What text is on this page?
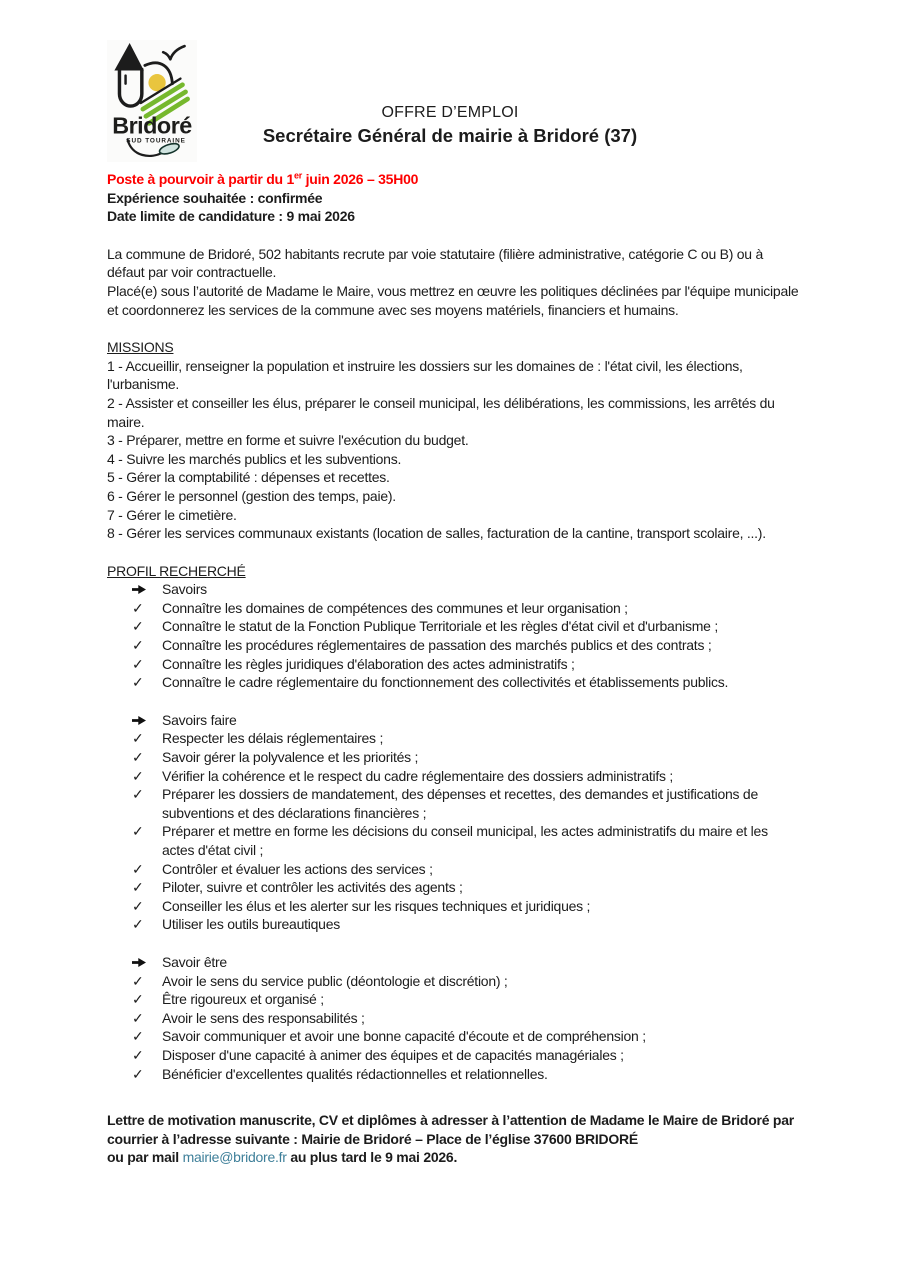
Bridoré
SUD TOURAINE
OFFRE D’EMPLOI
Secrétaire Général de mairie à Bridoré (37)

Poste à pourvoir à partir du 1er juin 2026 – 35H00

Expérience souhaitée : confirmée

Date limite de candidature : 9 mai 2026

La commune de Bridoré, 502 habitants recrute par voie statutaire (filière administrative, catégorie C ou B) ou à défaut par voir contractuelle.

Placé(e) sous l’autorité de Madame le Maire, vous mettrez en œuvre les politiques déclinées par l'équipe municipale et coordonnerez les services de la commune avec ses moyens matériels, financiers et humains.

MISSIONS

1 - Accueillir, renseigner la population et instruire les dossiers sur les domaines de : l'état civil, les élections, l'urbanisme.

2 - Assister et conseiller les élus, préparer le conseil municipal, les délibérations, les commissions, les arrêtés du maire.

3 - Préparer, mettre en forme et suivre l'exécution du budget.

4 - Suivre les marchés publics et les subventions.

5 - Gérer la comptabilité : dépenses et recettes.

6 - Gérer le personnel (gestion des temps, paie).

7 - Gérer le cimetière.

8 - Gérer les services communaux existants (location de salles, facturation de la cantine, transport scolaire, ...).

PROFIL RECHERCHÉ
Savoirs
✓ Connaître les domaines de compétences des communes et leur organisation ;
✓ Connaître le statut de la Fonction Publique Territoriale et les règles d'état civil et d'urbanisme ;
✓ Connaître les procédures réglementaires de passation des marchés publics et des contrats ;
✓ Connaître les règles juridiques d'élaboration des actes administratifs ;
✓ Connaître le cadre réglementaire du fonctionnement des collectivités et établissements publics.
Savoirs faire
✓ Respecter les délais réglementaires ;
✓ Savoir gérer la polyvalence et les priorités ;
✓ Vérifier la cohérence et le respect du cadre réglementaire des dossiers administratifs ;
✓ Préparer les dossiers de mandatement, des dépenses et recettes, des demandes et justifications de subventions et des déclarations financières ;
✓ Préparer et mettre en forme les décisions du conseil municipal, les actes administratifs du maire et les actes d'état civil ;
✓ Contrôler et évaluer les actions des services ;
✓ Piloter, suivre et contrôler les activités des agents ;
✓ Conseiller les élus et les alerter sur les risques techniques et juridiques ;
✓ Utiliser les outils bureautiques
Savoir être
✓ Avoir le sens du service public (déontologie et discrétion) ;
✓ Être rigoureux et organisé ;
✓ Avoir le sens des responsabilités ;
✓ Savoir communiquer et avoir une bonne capacité d'écoute et de compréhension ;
✓ Disposer d'une capacité à animer des équipes et de capacités managériales ;
✓ Bénéficier d'excellentes qualités rédactionnelles et relationnelles.

Lettre de motivation manuscrite, CV et diplômes à adresser à l’attention de Madame le Maire de Bridoré par courrier à l’adresse suivante : Mairie de Bridoré – Place de l’église 37600 BRIDORÉ

ou par mail mairie@bridore.fr au plus tard le 9 mai 2026.
